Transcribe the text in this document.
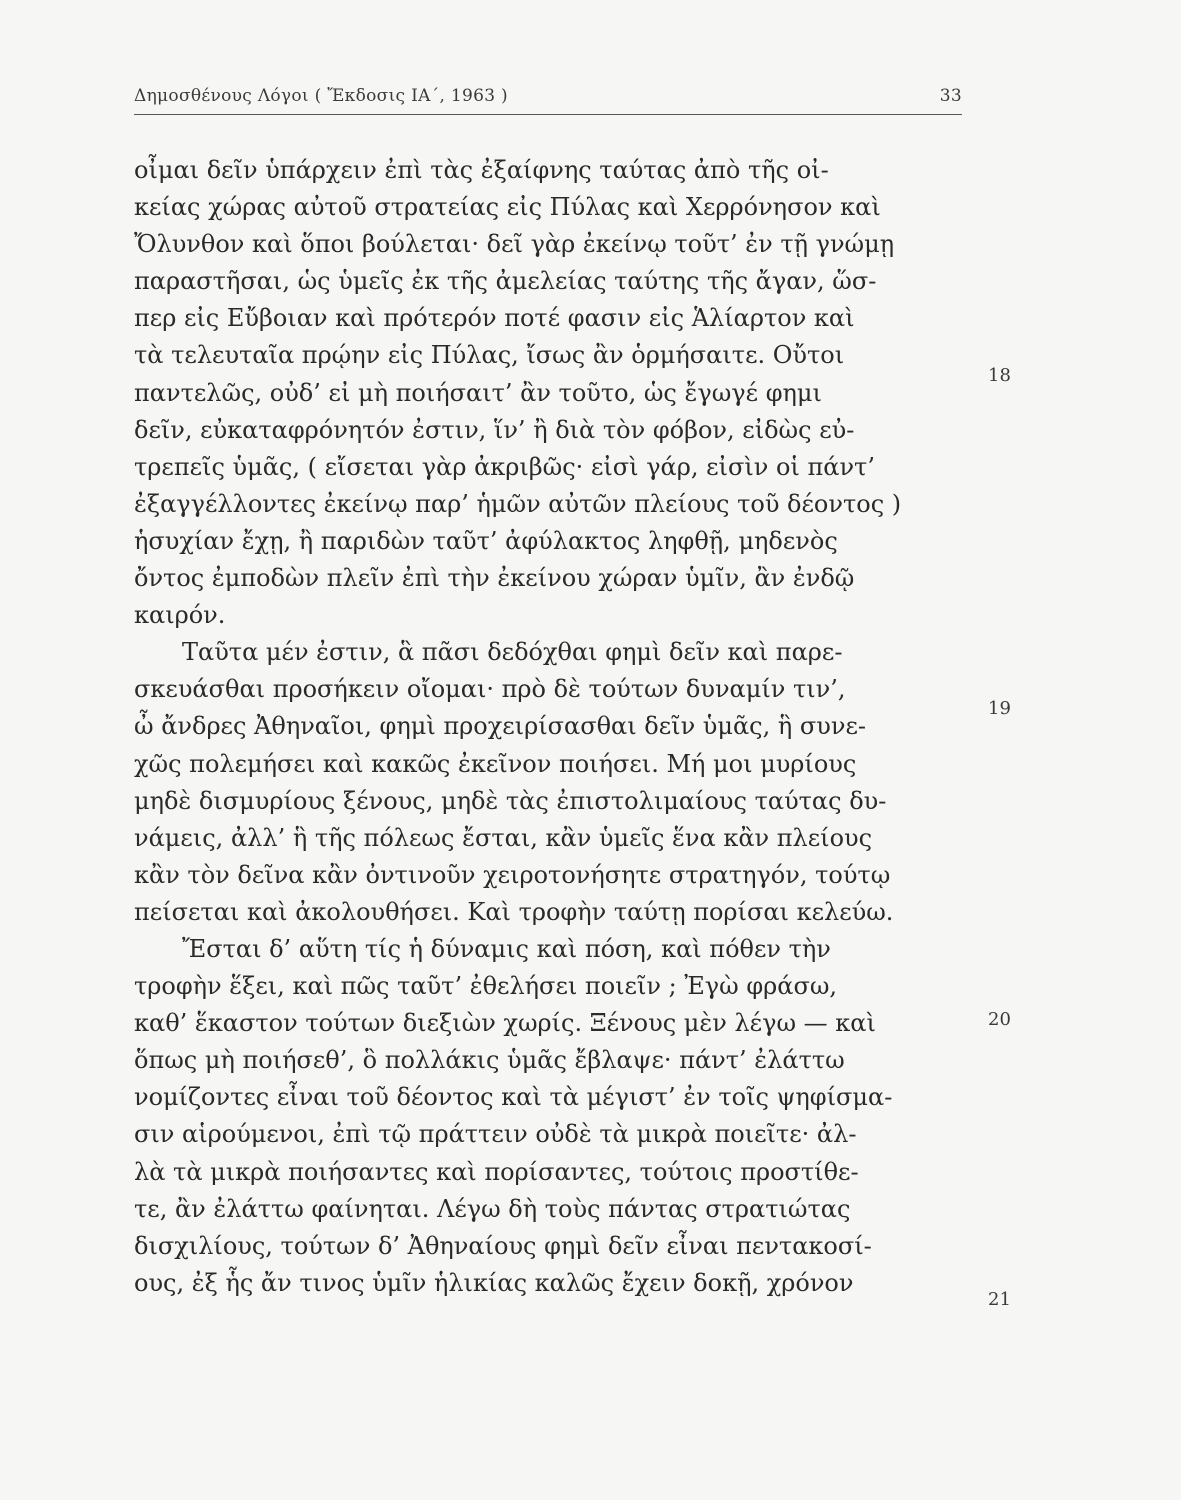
Δημοσθένους Λόγοι ( Ἔκδοσις ΙΑ΄, 1963 )	33
οἶμαι δεῖν ὑπάρχειν ἐπὶ τὰς ἐξαίφνης ταύτας ἀπὸ τῆς οἰ-
κείας χώρας αὐτοῦ στρατείας εἰς Πύλας καὶ Χερρόνησον καὶ
Ὄλυνθον καὶ ὅποι βούλεται· δεῖ γὰρ ἐκείνῳ τοῦτ’ ἐν τῇ γνώμῃ
παραστῆσαι, ὡς ὑμεῖς ἐκ τῆς ἀμελείας ταύτης τῆς ἄγαν, ὥσ-
περ εἰς Εὔβοιαν καὶ πρότερόν ποτέ φασιν εἰς Ἁλίαρτον καὶ
τὰ τελευταῖα πρῴην εἰς Πύλας, ἴσως ἂν ὁρμήσαιτε. Οὔτοι
παντελῶς, οὐδ’ εἰ μὴ ποιήσαιτ’ ἂν τοῦτο, ὡς ἔγωγέ φημι
δεῖν, εὐκαταφρόνητόν ἐστιν, ἵν’ ἢ διὰ τὸν φόβον, εἰδὼς εὐ-
τρεπεῖς ὑμᾶς, ( εἴσεται γὰρ ἀκριβῶς· εἰσὶ γάρ, εἰσὶν οἱ πάντ’
ἐξαγγέλλοντες ἐκείνῳ παρ’ ἡμῶν αὐτῶν πλείους τοῦ δέοντος )
ἡσυχίαν ἔχῃ, ἢ παριδὼν ταῦτ’ ἀφύλακτος ληφθῇ, μηδενὸς
ὄντος ἐμποδὼν πλεῖν ἐπὶ τὴν ἐκείνου χώραν ὑμῖν, ἂν ἐνδῷ
καιρόν.
Ταῦτα μέν ἐστιν, ἃ πᾶσι δεδόχθαι φημὶ δεῖν καὶ παρε-
σκευάσθαι προσήκειν οἴομαι· πρὸ δὲ τούτων δυναμίν τιν’,
ὦ ἄνδρες Ἀθηναῖοι, φημὶ προχειρίσασθαι δεῖν ὑμᾶς, ἣ συνε-
χῶς πολεμήσει καὶ κακῶς ἐκεῖνον ποιήσει. Μή μοι μυρίους
μηδὲ δισμυρίους ξένους, μηδὲ τὰς ἐπιστολιμαίους ταύτας δυ-
νάμεις, ἀλλ’ ἣ τῆς πόλεως ἔσται, κἂν ὑμεῖς ἕνα κἂν πλείους
κἂν τὸν δεῖνα κἂν ὀντινοῦν χειροτονήσητε στρατηγόν, τούτῳ
πείσεται καὶ ἀκολουθήσει. Καὶ τροφὴν ταύτῃ πορίσαι κελεύω.
Ἔσται δ’ αὕτη τίς ἡ δύναμις καὶ πόση, καὶ πόθεν τὴν
τροφὴν ἕξει, καὶ πῶς ταῦτ’ ἐθελήσει ποιεῖν ; Ἐγὼ φράσω,
καθ’ ἕκαστον τούτων διεξιὼν χωρίς. Ξένους μὲν λέγω — καὶ
ὅπως μὴ ποιήσεθ’, ὃ πολλάκις ὑμᾶς ἔβλαψε· πάντ’ ἐλάττω
νομίζοντες εἶναι τοῦ δέοντος καὶ τὰ μέγιστ’ ἐν τοῖς ψηφίσμα-
σιν αἱρούμενοι, ἐπὶ τῷ πράττειν οὐδὲ τὰ μικρὰ ποιεῖτε· ἀλ-
λὰ τὰ μικρὰ ποιήσαντες καὶ πορίσαντες, τούτοις προστίθε-
τε, ἂν ἐλάττω φαίνηται. Λέγω δὴ τοὺς πάντας στρατιώτας
δισχιλίους, τούτων δ’ Ἀθηναίους φημὶ δεῖν εἶναι πεντακοσί-
ους, ἐξ ἧς ἄν τινος ὑμῖν ἡλικίας καλῶς ἔχειν δοκῇ, χρόνον
18
19
20
21
